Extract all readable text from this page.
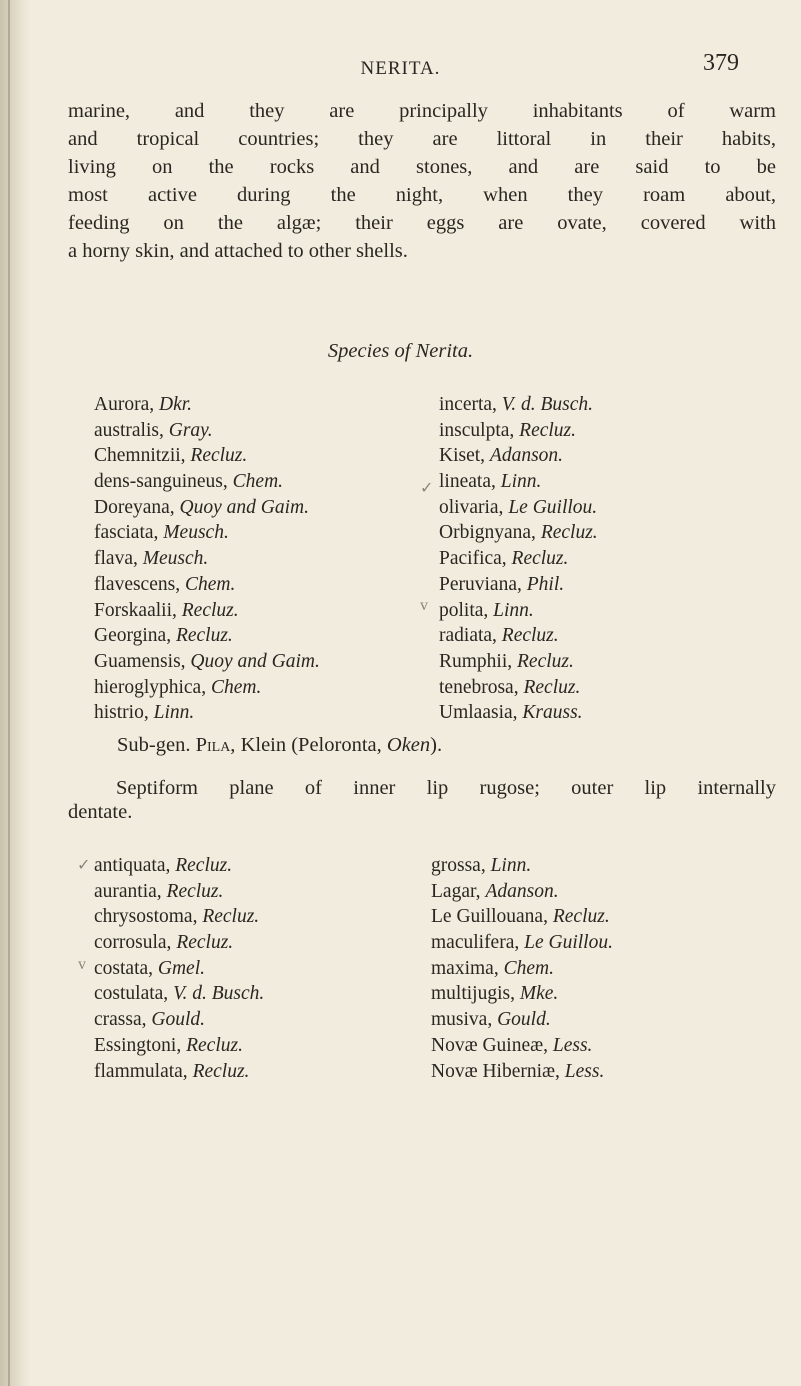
NERITA.	379

marine, and they are principally inhabitants of warm
and tropical countries; they are littoral in their habits,
living on the rocks and stones, and are said to be
most active during the night, when they roam about,
feeding on the algæ; their eggs are ovate, covered with
a horny skin, and attached to other shells.

Species of Nerita.

Aurora, Dkr.
australis, Gray.
Chemnitzii, Recluz.
dens-sanguineus, Chem.
Doreyana, Quoy and Gaim.
fasciata, Meusch.
flava, Meusch.
flavescens, Chem.
Forskaalii, Recluz.
Georgina, Recluz.
Guamensis, Quoy and Gaim.
hieroglyphica, Chem.
histrio, Linn.
incerta, V. d. Busch.
insculpta, Recluz.
Kiset, Adanson.
lineata, Linn.
olivaria, Le Guillou.
Orbignyana, Recluz.
Pacifica, Recluz.
Peruviana, Phil.
polita, Linn.
radiata, Recluz.
Rumphii, Recluz.
tenebrosa, Recluz.
Umlaasia, Krauss.

Sub-gen. Pila, Klein (Peloronta, Oken).

Septiform plane of inner lip rugose; outer lip internally
dentate.

antiquata, Recluz.
aurantia, Recluz.
chrysostoma, Recluz.
corrosula, Recluz.
costata, Gmel.
costulata, V. d. Busch.
crassa, Gould.
Essingtoni, Recluz.
flammulata, Recluz.
grossa, Linn.
Lagar, Adanson.
Le Guillouana, Recluz.
maculifera, Le Guillou.
maxima, Chem.
multijugis, Mke.
musiva, Gould.
Novæ Guineæ, Less.
Novæ Hiberniæ, Less.
✓
v
✓
v
